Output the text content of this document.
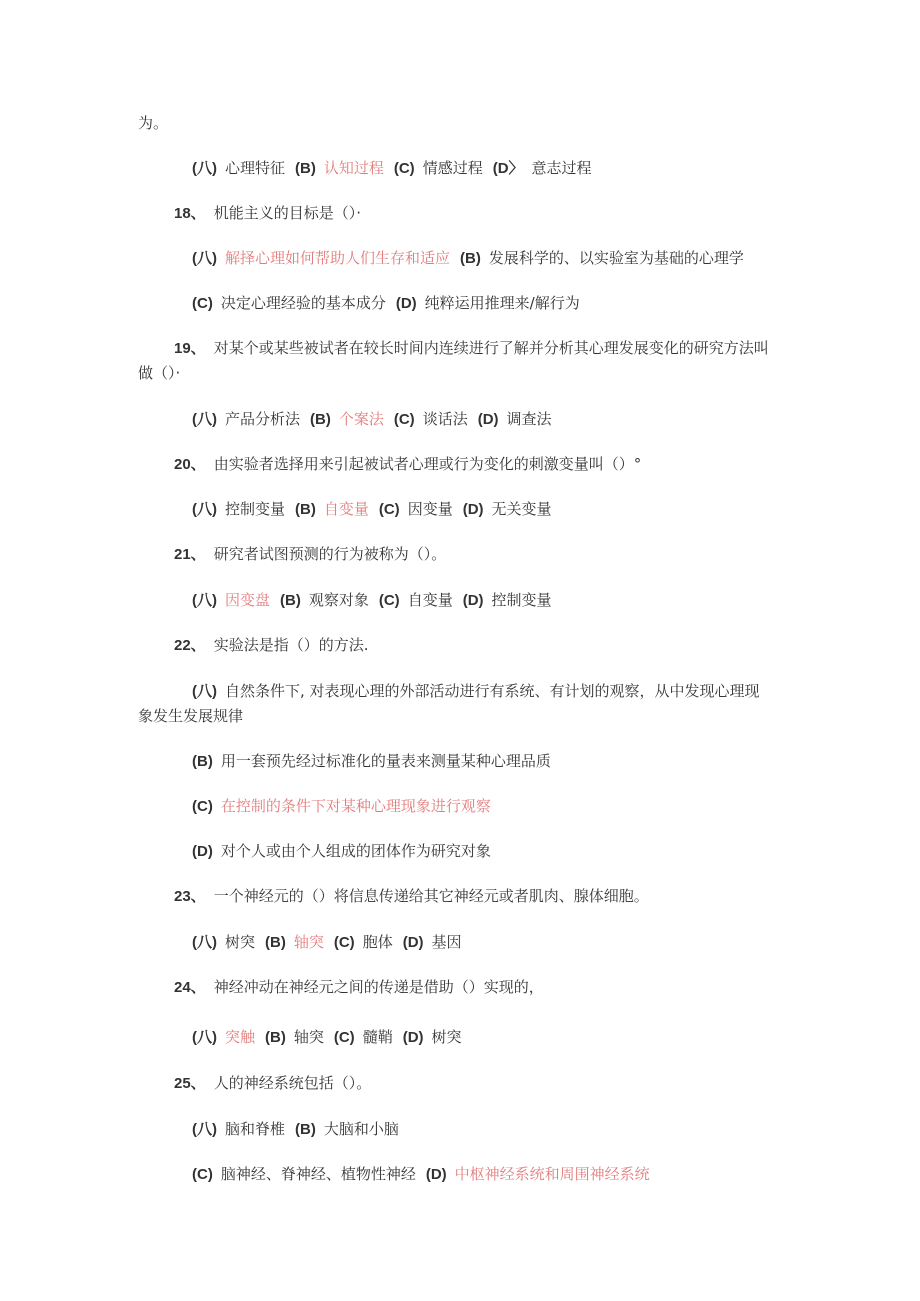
为。
(八) 心理特征 (B) 认知过程 (C) 情感过程 (D〉 意志过程
18、 机能主义的目标是（）·
(八) 解择心理如何帮助人们生存和适应 (B) 发展科学的、以实验室为基础的心理学
(C) 决定心理经验的基本成分 (D) 纯粹运用推理来/解行为
19、 对某个或某些被试者在较长时间内连续进行了解并分析其心理发展变化的研究方法叫
做（）·
(八) 产品分析法 (B) 个案法 (C) 谈话法 (D) 调查法
20、 由实验者选择用来引起被试者心理或行为变化的刺激变量叫（）°
(八) 控制变量 (B) 自变量 (C) 因变量 (D) 无关变量
21、 研究者试图预测的行为被称为（）。
(八) 因变盘 (B) 观察对象 (C) 自变量 (D) 控制变量
22、 实验法是指（）的方法.
(八) 自然条件下, 对表现心理的外部活动进行有系统、有计划的观察，从中发现心理现
象发生发展规律
(B) 用一套预先经过标准化的量表来测量某种心理品质
(C) 在控制的条件下对某种心理现象进行观察
(D) 对个人或由个人组成的团体作为研究对象
23、 一个神经元的（）将信息传递给其它神经元或者肌肉、腺体细胞。
(八) 树突 (B) 轴突 (C) 胞体 (D) 基因
24、 神经冲动在神经元之间的传递是借助（）实现的，
(八) 突触 (B) 轴突 (C) 髓鞘 (D) 树突
25、 人的神经系统包括（）。
(八) 脑和脊椎 (B) 大脑和小脑
(C) 脑神经、脊神经、植物性神经 (D) 中枢神经系统和周围神经系统
